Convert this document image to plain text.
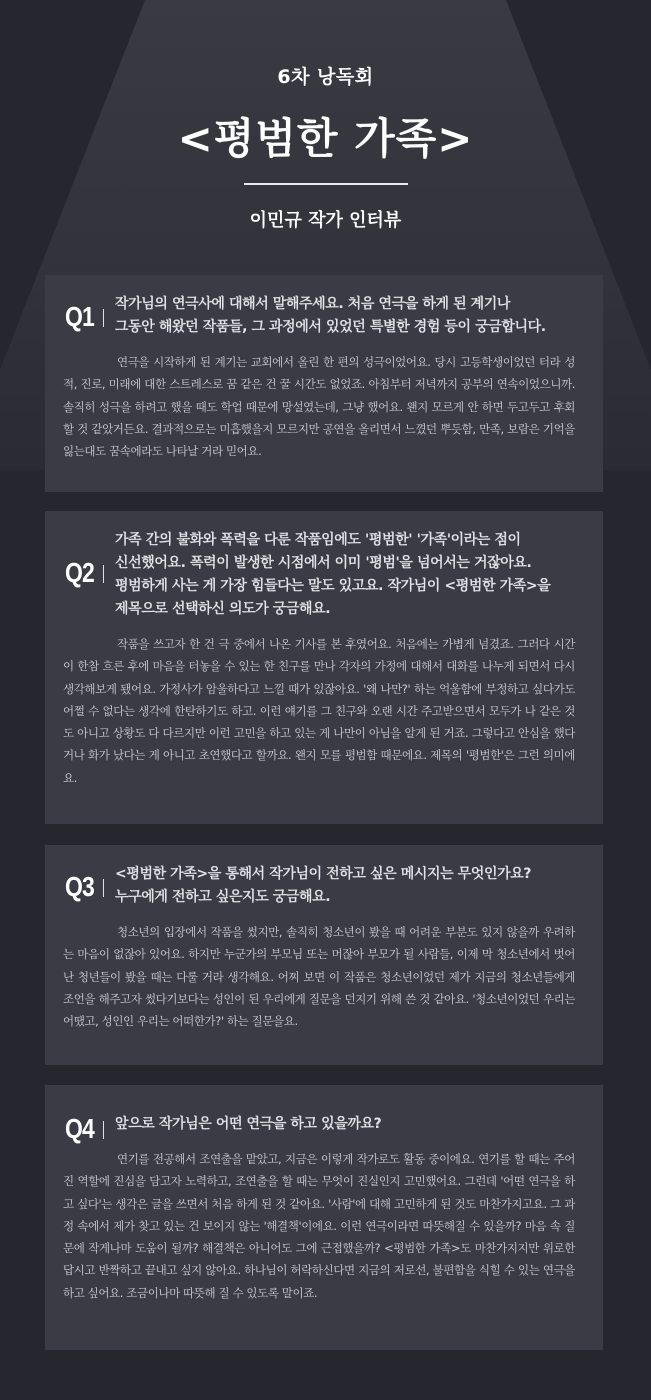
6차 낭독회
<평범한 가족>
이민규 작가 인터뷰
Q1 작가님의 연극사에 대해서 말해주세요. 처음 연극을 하게 된 계기나
그동안 해왔던 작품들, 그 과정에서 있었던 특별한 경험 등이 궁금합니다.
연극을 시작하게 된 계기는 교회에서 올린 한 편의 성극이었어요. 당시 고등학생이었던 터라 성적, 진로, 미래에 대한 스트레스로 꿈 같은 건 꿀 시간도 없었죠. 아침부터 저녁까지 공부의 연속이었으니까. 솔직히 성극을 하려고 했을 때도 학업 때문에 망설였는데, 그냥 했어요. 왠지 모르게 안 하면 두고두고 후회할 것 같았거든요. 결과적으로는 미흡했을지 모르지만 공연을 올리면서 느꼈던 뿌듯함, 만족, 보람은 기억을 잃는대도 꿈속에라도 나타날 거라 믿어요.
Q2
가족 간의 불화와 폭력을 다룬 작품임에도 '평범한' '가족'이라는 점이
신선했어요. 폭력이 발생한 시점에서 이미 '평범'을 넘어서는 거잖아요.
평범하게 사는 게 가장 힘들다는 말도 있고요. 작가님이 <평범한 가족>을
제목으로 선택하신 의도가 궁금해요.
작품을 쓰고자 한 건 극 중에서 나온 기사를 본 후였어요. 처음에는 가볍게 넘겼죠. 그러다 시간이 한참 흐른 후에 마음을 터놓을 수 있는 한 친구를 만나 각자의 가정에 대해서 대화를 나누게 되면서 다시 생각해보게 됐어요. 가정사가 암울하다고 느낄 때가 있잖아요. '왜 나만?' 하는 억울함에 부정하고 싶다가도 어쩔 수 없다는 생각에 한탄하기도 하고. 이런 얘기를 그 친구와 오랜 시간 주고받으면서 모두가 나 같은 것도 아니고 상황도 다 다르지만 이런 고민을 하고 있는 게 나만이 아님을 알게 된 거죠. 그렇다고 안심을 했다거나 화가 났다는 게 아니고 초연했다고 할까요. 왠지 모를 평범함 때문에요. 제목의 '평범한'은 그런 의미에요.
Q3 <평범한 가족>을 통해서 작가님이 전하고 싶은 메시지는 무엇인가요?
누구에게 전하고 싶은지도 궁금해요.
청소년의 입장에서 작품을 썼지만, 솔직히 청소년이 봤을 때 어려운 부분도 있지 않을까 우려하는 마음이 없잖아 있어요. 하지만 누군가의 부모님 또는 머잖아 부모가 될 사람들, 이제 막 청소년에서 벗어난 청년들이 봤을 때는 다룰 거라 생각해요. 어찌 보면 이 작품은 청소년이었던 제가 지금의 청소년들에게 조언을 해주고자 썼다기보다는 성인이 된 우리에게 질문을 던지기 위해 쓴 것 같아요. '청소년이었던 우리는 어땠고, 성인인 우리는 어떠한가?' 하는 질문을요.
Q4 앞으로 작가님은 어떤 연극을 하고 있을까요?
연기를 전공해서 조연출을 맡았고, 지금은 이렇게 작가로도 활동 중이에요. 연기를 할 때는 주어진 역할에 진심을 담고자 노력하고, 조연출을 할 때는 무엇이 진실인지 고민했어요. 그런데 '어떤 연극을 하고 싶다'는 생각은 글을 쓰면서 처음 하게 된 것 같아요. '사람'에 대해 고민하게 된 것도 마찬가지고요. 그 과정 속에서 제가 찾고 있는 건 보이지 않는 '해결책'이에요. 이런 연극이라면 따뜻해질 수 있을까? 마음 속 질문에 작게나마 도움이 될까? 해결책은 아니어도 그에 근접했을까? <평범한 가족>도 마찬가지지만 위로한답시고 반짝하고 끝내고 싶지 않아요. 하나님이 허락하신다면 지금의 저로선, 불편함을 식힐 수 있는 연극을 하고 싶어요. 조금이나마 따뜻해 질 수 있도록 말이죠.
